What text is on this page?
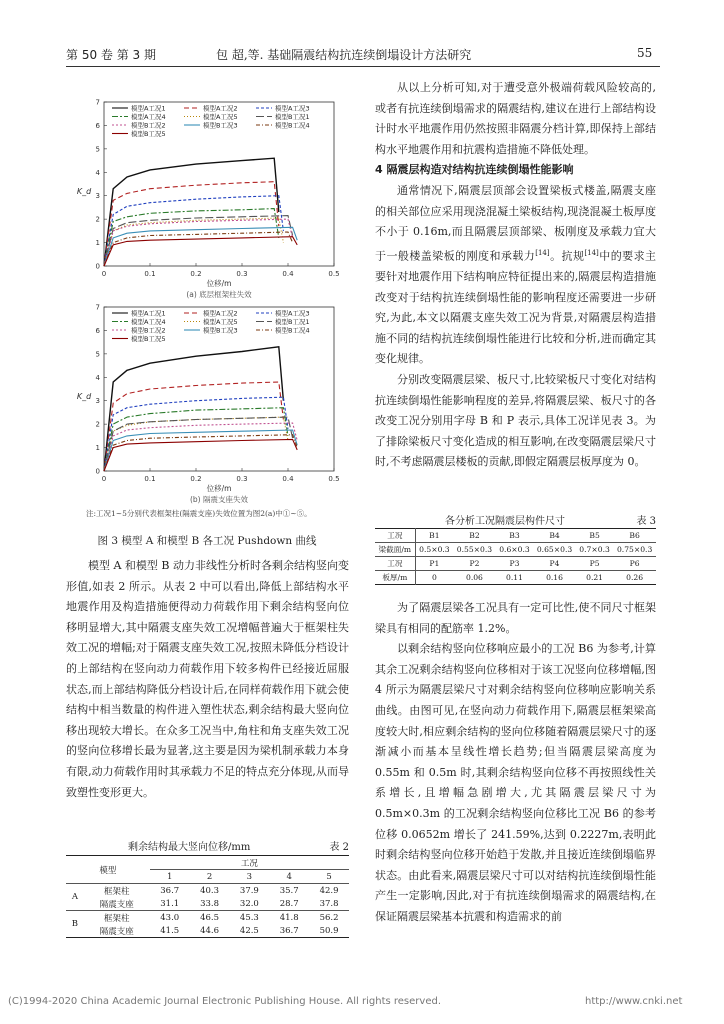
第 50 卷 第 3 期	包 超,等. 基础隔震结构抗连续倒塌设计方法研究	55
0	0.1	0.2	0.3	0.4	0.5
0
1
2
3
4
5
6
7
位移/m
K_d
(a) 底层框架柱失效
模型A工况1	模型A工况2	模型A工况3
模型A工况4	模型A工况5	模型B工况1
模型B工况2	模型B工况3	模型B工况4
模型B工况5
0	0.1	0.2	0.3	0.4	0.5
0
1
2
3
4
5
6
7
位移/m
K_d
(b) 隔震支座失效
模型A工况1	模型A工况2	模型A工况3
模型A工况4	模型A工况5	模型B工况1
模型B工况2	模型B工况3	模型B工况4
模型B工况5
注:工况1~5分别代表框架柱(隔震支座)失效位置为图2(a)中①~⑤。
图 3 模型 A 和模型 B 各工况 Pushdown 曲线

模型 A 和模型 B 动力非线性分析时各剩余结构竖向变形值,如表 2 所示。从表 2 中可以看出,降低上部结构水平地震作用及构造措施便得动力荷载作用下剩余结构竖向位移明显增大,其中隔震支座失效工况增幅普遍大于框架柱失效工况的增幅;对于隔震支座失效工况,按照未降低分档设计的上部结构在竖向动力荷载作用下较多构件已经接近屈服状态,而上部结构降低分档设计后,在同样荷载作用下就会使结构中相当数量的构件进入塑性状态,剩余结构最大竖向位移出现较大增长。在众多工况当中,角柱和角支座失效工况的竖向位移增长最为显著,这主要是因为梁机制承载力本身有限,动力荷载作用时其承载力不足的特点充分体现,从而导致塑性变形更大。

剩余结构最大竖向位移/mm	表 2
模型		工况				
		1	2	3	4	5
A	框架柱	36.7	40.3	37.9	35.7	42.9
	隔震支座	31.1	33.8	32.0	28.7	37.8
B	框架柱	43.0	46.5	45.3	41.8	56.2
	隔震支座	41.5	44.6	42.5	36.7	50.9

从以上分析可知,对于遭受意外极端荷载风险较高的,或者有抗连续倒塌需求的隔震结构,建议在进行上部结构设计时水平地震作用仍然按照非隔震分档计算,即保持上部结构水平地震作用和抗震构造措施不降低处理。

4 隔震层构造对结构抗连续倒塌性能影响

通常情况下,隔震层顶部会设置梁板式楼盖,隔震支座的相关部位应采用现浇混凝土梁板结构,现浇混凝土板厚度不小于 0.16m,而且隔震层顶部梁、板刚度及承载力宜大于一般楼盖梁板的刚度和承载力[14]。抗规[14]中的要求主要针对地震作用下结构响应特征提出来的,隔震层构造措施改变对于结构抗连续倒塌性能的影响程度还需要进一步研究,为此,本文以隔震支座失效工况为背景,对隔震层构造措施不同的结构抗连续倒塌性能进行比较和分析,进而确定其变化规律。

分别改变隔震层梁、板尺寸,比较梁板尺寸变化对结构抗连续倒塌性能影响程度的差异,将隔震层梁、板尺寸的各改变工况分别用字母 B 和 P 表示,具体工况详见表 3。为了排除梁板尺寸变化造成的相互影响,在改变隔震层梁尺寸时,不考虑隔震层楼板的贡献,即假定隔震层板厚度为 0。

各分析工况隔震层构件尺寸	表 3
工况	B1	B2	B3	B4	B5	B6
梁截面/m	0.5×0.3	0.55×0.3	0.6×0.3	0.65×0.3	0.7×0.3	0.75×0.3
工况	P1	P2	P3	P4	P5	P6
板厚/m	0	0.06	0.11	0.16	0.21	0.26

为了隔震层梁各工况具有一定可比性,使不同尺寸框架梁具有相同的配筋率 1.2%。

以剩余结构竖向位移响应最小的工况 B6 为参考,计算其余工况剩余结构竖向位移相对于该工况竖向位移增幅,图 4 所示为隔震层梁尺寸对剩余结构竖向位移响应影响关系曲线。由图可见,在竖向动力荷载作用下,隔震层框架梁高度较大时,相应剩余结构的竖向位移随着隔震层梁尺寸的逐渐减小而基本呈线性增长趋势;但当隔震层梁高度为 0.55m 和 0.5m 时,其剩余结构竖向位移不再按照线性关系增长,且增幅急剧增大,尤其隔震层梁尺寸为 0.5m×0.3m 的工况剩余结构竖向位移比工况 B6 的参考位移 0.0652m 增长了 241.59%,达到 0.2227m,表明此时剩余结构竖向位移开始趋于发散,并且接近连续倒塌临界状态。由此看来,隔震层梁尺寸可以对结构抗连续倒塌性能产生一定影响,因此,对于有抗连续倒塌需求的隔震结构,在保证隔震层梁基本抗震和构造需求的前

(C)1994-2020 China Academic Journal Electronic Publishing House. All rights reserved.	http://www.cnki.net
